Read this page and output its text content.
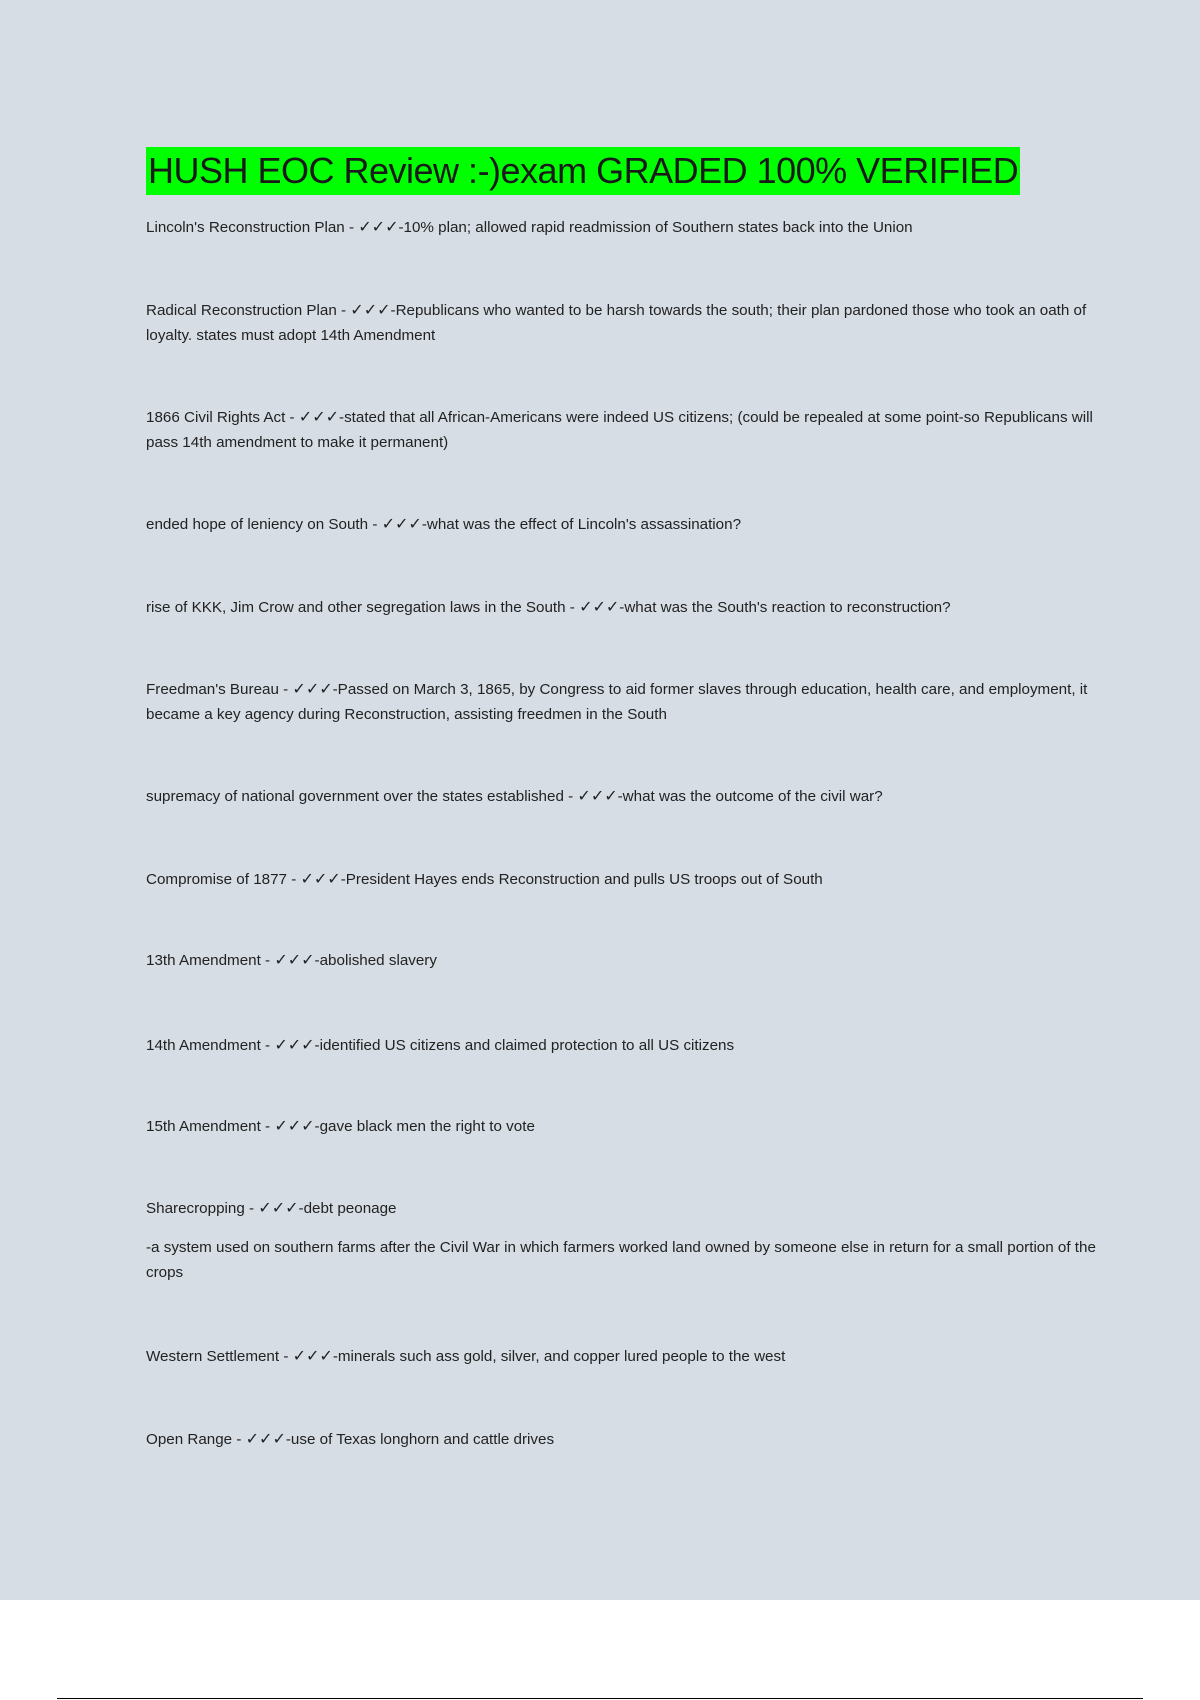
HUSH EOC Review :-)exam GRADED 100% VERIFIED

Lincoln's Reconstruction Plan - ✓✓✓-10% plan; allowed rapid readmission of Southern states back into the Union

Radical Reconstruction Plan - ✓✓✓-Republicans who wanted to be harsh towards the south; their plan pardoned those who took an oath of loyalty. states must adopt 14th Amendment

1866 Civil Rights Act - ✓✓✓-stated that all African-Americans were indeed US citizens; (could be repealed at some point-so Republicans will pass 14th amendment to make it permanent)

ended hope of leniency on South - ✓✓✓-what was the effect of Lincoln's assassination?

rise of KKK, Jim Crow and other segregation laws in the South - ✓✓✓-what was the South's reaction to reconstruction?

Freedman's Bureau - ✓✓✓-Passed on March 3, 1865, by Congress to aid former slaves through education, health care, and employment, it became a key agency during Reconstruction, assisting freedmen in the South

supremacy of national government over the states established - ✓✓✓-what was the outcome of the civil war?

Compromise of 1877 - ✓✓✓-President Hayes ends Reconstruction and pulls US troops out of South

13th Amendment - ✓✓✓-abolished slavery

14th Amendment - ✓✓✓-identified US citizens and claimed protection to all US citizens

15th Amendment - ✓✓✓-gave black men the right to vote

Sharecropping - ✓✓✓-debt peonage
-a system used on southern farms after the Civil War in which farmers worked land owned by someone else in return for a small portion of the crops

Western Settlement - ✓✓✓-minerals such ass gold, silver, and copper lured people to the west

Open Range - ✓✓✓-use of Texas longhorn and cattle drives
